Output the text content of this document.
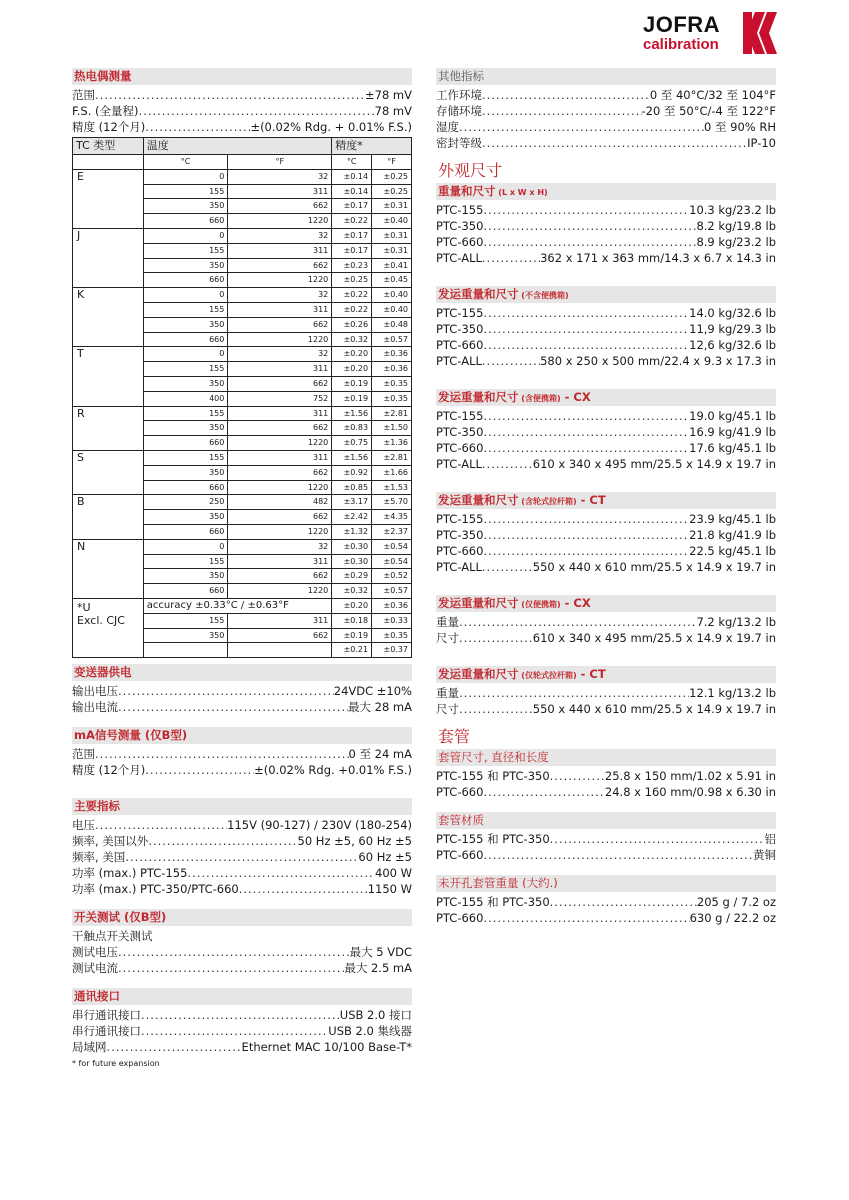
JOFRA
calibration
热电偶测量
范围 .....	±78 mV
F.S. (全量程) .....	78 mV
精度 (12个月) .....	±(0.02% Rdg. + 0.01% F.S.)
TC 类型	温度		精度*	
	°C	°F	°C	°F
E	0	32	±0.14	±0.25
	155	311	±0.14	±0.25
	350	662	±0.17	±0.31
	660	1220	±0.22	±0.40
J	0	32	±0.17	±0.31
	155	311	±0.17	±0.31
	350	662	±0.23	±0.41
	660	1220	±0.25	±0.45
K	0	32	±0.22	±0.40
	155	311	±0.22	±0.40
	350	662	±0.26	±0.48
	660	1220	±0.32	±0.57
T	0	32	±0.20	±0.36
	155	311	±0.20	±0.36
	350	662	±0.19	±0.35
	400	752	±0.19	±0.35
R	155	311	±1.56	±2.81
	350	662	±0.83	±1.50
	660	1220	±0.75	±1.36
S	155	311	±1.56	±2.81
	350	662	±0.92	±1.66
	660	1220	±0.85	±1.53
B	250	482	±3.17	±5.70
	350	662	±2.42	±4.35
	660	1220	±1.32	±2.37
N	0	32	±0.30	±0.54
	155	311	±0.30	±0.54
	350	662	±0.29	±0.52
	660	1220	±0.32	±0.57

*U
Excl. CJC	accuracy ±0.33°C / ±0.63°F		±0.20	±0.36
	155	311	±0.18	±0.33
	350	662	±0.19	±0.35
			±0.21	±0.37
变送器供电
输出电压 .....	24VDC ±10%
输出电流 .....	最大 28 mA
mA信号测量 (仅B型)
范围 .....	0 至 24 mA
精度 (12个月) .....	±(0.02% Rdg. +0.01% F.S.)
主要指标
电压 .....	115V (90-127) / 230V (180-254)
频率, 美国以外 .....	50 Hz ±5, 60 Hz ±5
频率, 美国 .....	60 Hz ±5
功率 (max.) PTC-155 .....	400 W
功率 (max.) PTC-350/PTC-660 .....	1150 W
开关测试 (仅B型)
干触点开关测试
测试电压 .....	最大 5 VDC
测试电流 .....	最大 2.5 mA
通讯接口
串行通讯接口 .....	USB 2.0 接口
串行通讯接口 .....	USB 2.0 集线器
局域网 .....	Ethernet MAC 10/100 Base-T*
* for future expansion
其他指标
工作环境 .....	0 至 40°C/32 至 104°F
存储环境 .....	-20 至 50°C/-4 至 122°F
湿度 .....	0 至 90% RH
密封等级 .....	IP-10
外观尺寸
重量和尺寸 (L x W x H)
PTC-155 .....	10.3 kg/23.2 lb
PTC-350 .....	8.2 kg/19.8 lb
PTC-660 .....	8.9 kg/23.2 lb
PTC-ALL .....	362 x 171 x 363 mm/14.3 x 6.7 x 14.3 in
发运重量和尺寸 (不含便携箱)
PTC-155 .....	14.0 kg/32.6 lb
PTC-350 .....	11,9 kg/29.3 lb
PTC-660 .....	12,6 kg/32.6 lb
PTC-ALL .....	580 x 250 x 500 mm/22.4 x 9.3 x 17.3 in
发运重量和尺寸 (含便携箱) - CX
PTC-155 .....	19.0 kg/45.1 lb
PTC-350 .....	16.9 kg/41.9 lb
PTC-660 .....	17.6 kg/45.1 lb
PTC-ALL .....	610 x 340 x 495 mm/25.5 x 14.9 x 19.7 in
发运重量和尺寸 (含轮式拉杆箱) - CT
PTC-155 .....	23.9 kg/45.1 lb
PTC-350 .....	21.8 kg/41.9 lb
PTC-660 .....	22.5 kg/45.1 lb
PTC-ALL .....	550 x 440 x 610 mm/25.5 x 14.9 x 19.7 in
发运重量和尺寸 (仅便携箱) - CX
重量 .....	7.2 kg/13.2 lb
尺寸 .....	610 x 340 x 495 mm/25.5 x 14.9 x 19.7 in
发运重量和尺寸 (仅轮式拉杆箱) - CT
重量 .....	12.1 kg/13.2 lb
尺寸 .....	550 x 440 x 610 mm/25.5 x 14.9 x 19.7 in
套管
套管尺寸, 直径和长度
PTC-155 和 PTC-350 .....	25.8 x 150 mm/1.02 x 5.91 in
PTC-660 .....	24.8 x 160 mm/0.98 x 6.30 in
套管材质
PTC-155 和 PTC-350 .....	铝
PTC-660 .....	黄铜
未开孔套管重量 (大约.)
PTC-155 和 PTC-350 .....	205 g / 7.2 oz
PTC-660 .....	630 g / 22.2 oz
